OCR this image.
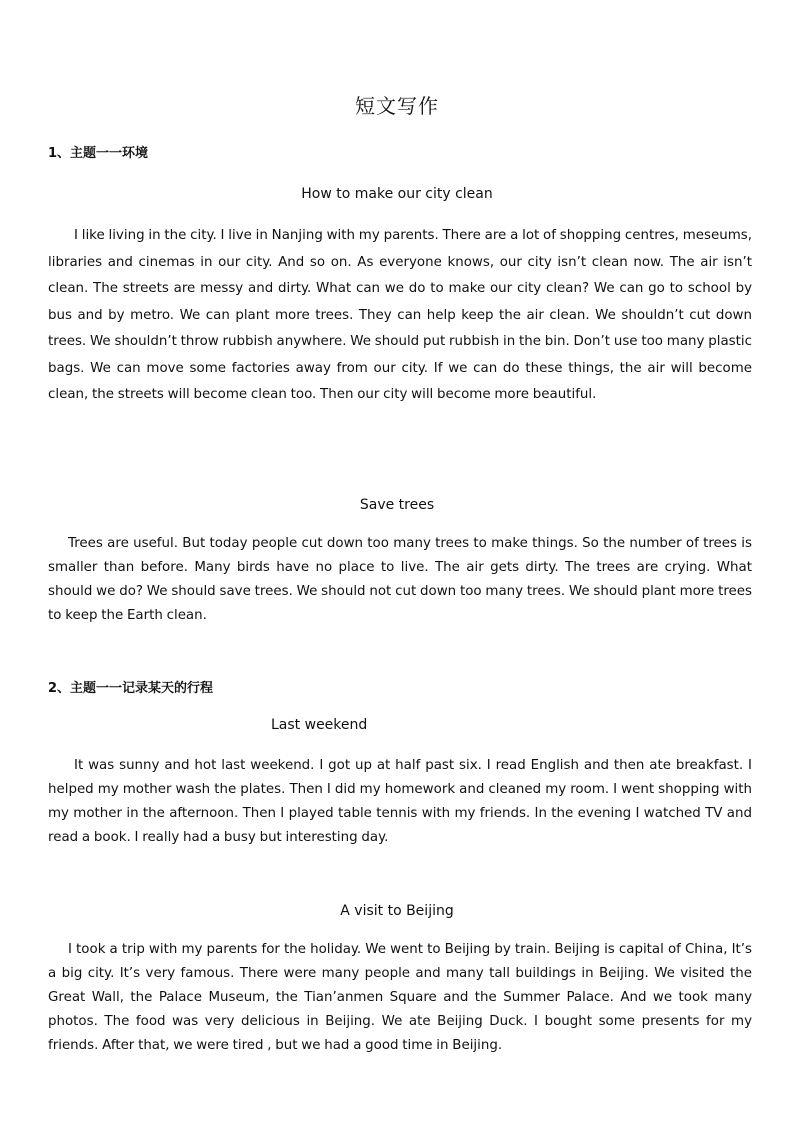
短文写作
1、主题一一环境
How to make our city clean

I like living in the city. I live in Nanjing with my parents. There are a lot of shopping centres, meseums, libraries and cinemas in our city. And so on. As everyone knows, our city isn’t clean now. The air isn’t clean. The streets are messy and dirty. What can we do to make our city clean? We can go to school by bus and by metro. We can plant more trees. They can help keep the air clean. We shouldn’t cut down trees. We shouldn’t throw rubbish anywhere. We should put rubbish in the bin. Don’t use too many plastic bags. We can move some factories away from our city. If we can do these things, the air will become clean, the streets will become clean too. Then our city will become more beautiful.

Save trees

Trees are useful. But today people cut down too many trees to make things. So the number of trees is smaller than before. Many birds have no place to live. The air gets dirty. The trees are crying. What should we do? We should save trees. We should not cut down too many trees. We should plant more trees to keep the Earth clean.

2、主题一一记录某天的行程
Last weekend

It was sunny and hot last weekend. I got up at half past six. I read English and then ate breakfast. I helped my mother wash the plates. Then I did my homework and cleaned my room. I went shopping with my mother in the afternoon. Then I played table tennis with my friends. In the evening I watched TV and read a book. I really had a busy but interesting day.

A visit to Beijing

I took a trip with my parents for the holiday. We went to Beijing by train. Beijing is capital of China, It’s a big city. It’s very famous. There were many people and many tall buildings in Beijing. We visited the Great Wall, the Palace Museum, the Tian’anmen Square and the Summer Palace. And we took many photos. The food was very delicious in Beijing. We ate Beijing Duck. I bought some presents for my friends. After that, we were tired , but we had a good time in Beijing.
